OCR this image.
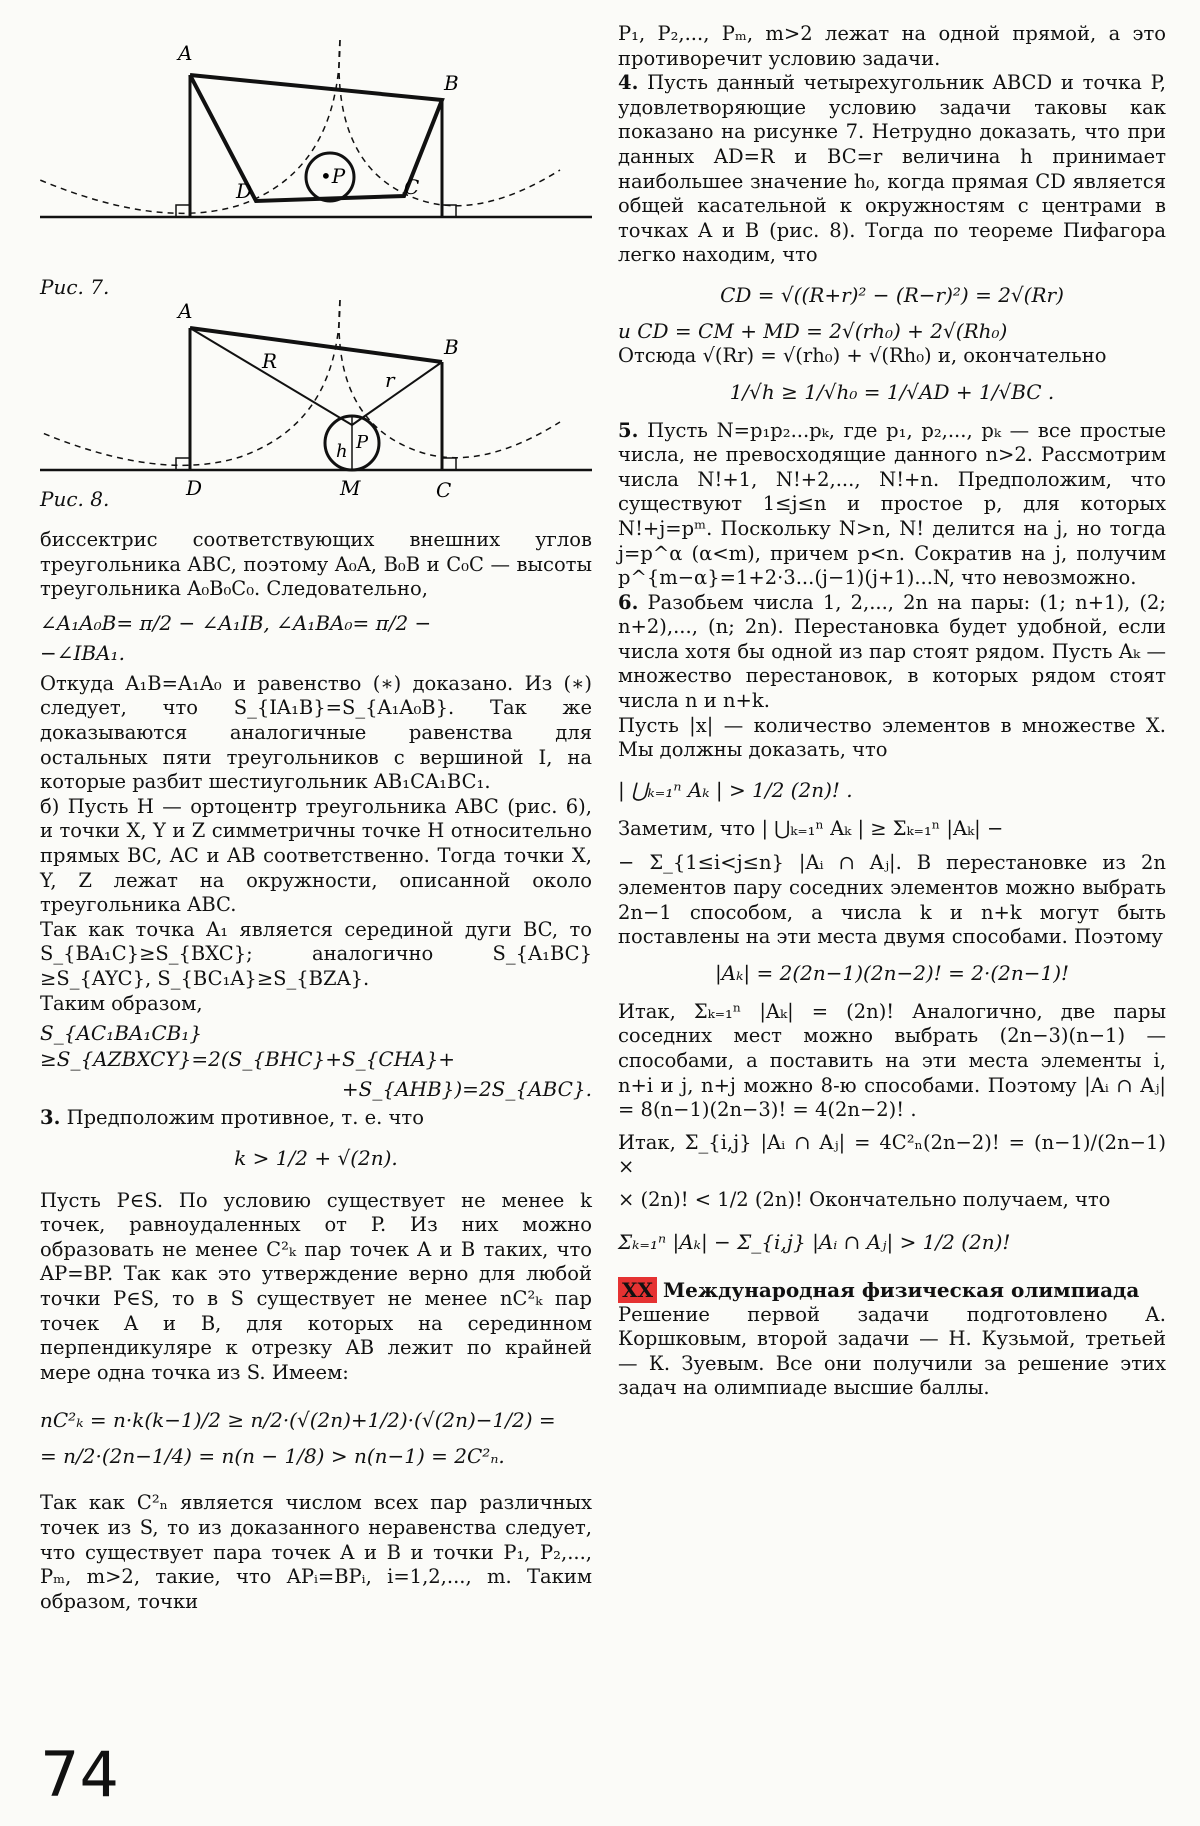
A
B
C
D
•P
Рис. 7.
A
B
C
D	M
R
r
h P
Рис. 8.

биссектрис соответствующих внешних углов треугольника ABC, поэтому A₀A, B₀B и C₀C — высоты треугольника A₀B₀C₀. Следовательно,

∠A₁A₀B= π/2 − ∠A₁IB, ∠A₁BA₀= π/2 −
−∠IBA₁.

Откуда A₁B=A₁A₀ и равенство (∗) доказано. Из (∗) следует, что S_{IA₁B}=S_{A₁A₀B}. Так же доказываются аналогичные равенства для остальных пяти треугольников с вершиной I, на которые разбит шестиугольник AB₁CA₁BC₁.

б) Пусть H — ортоцентр треугольника ABC (рис. 6), и точки X, Y и Z симметричны точке H относительно прямых BC, AC и AB соответственно. Тогда точки X, Y, Z лежат на окружности, описанной около треугольника ABC.

Так как точка A₁ является серединой дуги BC, то S_{BA₁C}≥S_{BXC}; аналогично S_{A₁BC}≥S_{AYC}, S_{BC₁A}≥S_{BZA}.

Таким образом,

S_{AC₁BA₁CB₁}≥S_{AZBXCY}=2(S_{BHC}+S_{CHA}+
+S_{AHB})=2S_{ABC}.

3. Предположим противное, т. е. что

k > 1/2 + √(2n).

Пусть P∈S. По условию существует не менее k точек, равноудаленных от P. Из них можно образовать не менее C²ₖ пар точек A и B таких, что AP=BP. Так как это утверждение верно для любой точки P∈S, то в S существует не менее nC²ₖ пар точек A и B, для которых на серединном перпендикуляре к отрезку AB лежит по крайней мере одна точка из S. Имеем:

nC²ₖ = n·k(k−1)/2 ≥ n/2·(√(2n)+1/2)·(√(2n)−1/2) =
= n/2·(2n−1/4) = n(n − 1/8) > n(n−1) = 2C²ₙ.

Так как C²ₙ является числом всех пар различных точек из S, то из доказанного неравенства следует, что существует пара точек A и B и точки P₁, P₂,..., Pₘ, m>2, такие, что APᵢ=BPᵢ, i=1,2,..., m. Таким образом, точки

P₁, P₂,..., Pₘ, m>2 лежат на одной прямой, а это противоречит условию задачи.

4. Пусть данный четырехугольник ABCD и точка P, удовлетворяющие условию задачи таковы как показано на рисунке 7. Нетрудно доказать, что при данных AD=R и BC=r величина h принимает наибольшее значение h₀, когда прямая CD является общей касательной к окружностям с центрами в точках A и B (рис. 8). Тогда по теореме Пифагора легко находим, что

CD = √((R+r)² − (R−r)²) = 2√(Rr)
и CD = CM + MD = 2√(rh₀) + 2√(Rh₀)

Отсюда √(Rr) = √(rh₀) + √(Rh₀) и, окончательно

1/√h ≥ 1/√h₀ = 1/√AD + 1/√BC .

5. Пусть N=p₁p₂...pₖ, где p₁, p₂,..., pₖ — все простые числа, не превосходящие данного n>2. Рассмотрим числа N!+1, N!+2,..., N!+n. Предположим, что существуют 1≤j≤n и простое p, для которых N!+j=pᵐ. Поскольку N>n, N! делится на j, но тогда j=p^α (α<m), причем p<n. Сократив на j, получим p^{m−α}=1+2·3...(j−1)(j+1)...N, что невозможно.

6. Разобьем числа 1, 2,..., 2n на пары: (1; n+1), (2; n+2),..., (n; 2n). Перестановка будет удобной, если числа хотя бы одной из пар стоят рядом. Пусть Aₖ — множество перестановок, в которых рядом стоят числа n и n+k.

Пусть |x| — количество элементов в множестве X. Мы должны доказать, что

| ⋃ₖ₌₁ⁿ Aₖ | > 1/2 (2n)! .

Заметим, что | ⋃ₖ₌₁ⁿ Aₖ | ≥ Σₖ₌₁ⁿ |Aₖ| −

− Σ_{1≤i<j≤n} |Aᵢ ∩ Aⱼ|. В перестановке из 2n элементов пару соседних элементов можно выбрать 2n−1 способом, а числа k и n+k могут быть поставлены на эти места двумя способами. Поэтому

|Aₖ| = 2(2n−1)(2n−2)! = 2·(2n−1)!

Итак, Σₖ₌₁ⁿ |Aₖ| = (2n)! Аналогично, две пары соседних мест можно выбрать (2n−3)(n−1) — способами, а поставить на эти места элементы i, n+i и j, n+j можно 8-ю способами. Поэтому |Aᵢ ∩ Aⱼ| = 8(n−1)(2n−3)! = 4(2n−2)! .

Итак, Σ_{i,j} |Aᵢ ∩ Aⱼ| = 4C²ₙ(2n−2)! = (n−1)/(2n−1) ×

× (2n)! < 1/2 (2n)! Окончательно получаем, что

Σₖ₌₁ⁿ |Aₖ| − Σ_{i,j} |Aᵢ ∩ Aⱼ| > 1/2 (2n)!
XX Международная физическая олимпиада

Решение первой задачи подготовлено А. Коршковым, второй задачи — Н. Кузьмой, третьей — К. Зуевым. Все они получили за решение этих задач на олимпиаде высшие баллы.

74
